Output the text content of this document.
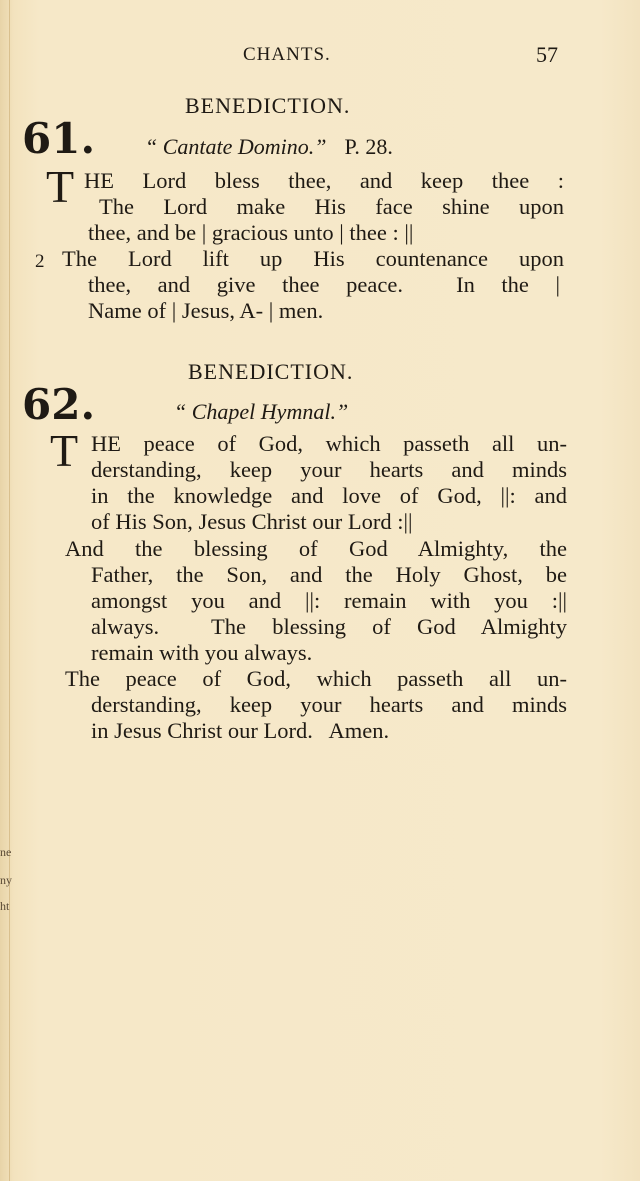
ne
ny
ht
CHANTS.	57
BENEDICTION.
61. “ Cantate Domino.” P. 28.
T HE Lord bless thee, and keep thee :
The Lord make His face shine upon
thee, and be | gracious unto | thee : ||
2 The Lord lift up His countenance upon
thee, and give thee peace.  In the |
Name of | Jesus, A- | men.
BENEDICTION.
62.	“ Chapel Hymnal.”
T HE peace of God, which passeth all un-
derstanding, keep your hearts and minds
in the knowledge and love of God, ||: and
of His Son, Jesus Christ our Lord :||
And the blessing of God Almighty, the
Father, the Son, and the Holy Ghost, be
amongst you and ||: remain with you :||
always.  The blessing of God Almighty
remain with you always.
The peace of God, which passeth all un-
derstanding, keep your hearts and minds
in Jesus Christ our Lord.   Amen.
